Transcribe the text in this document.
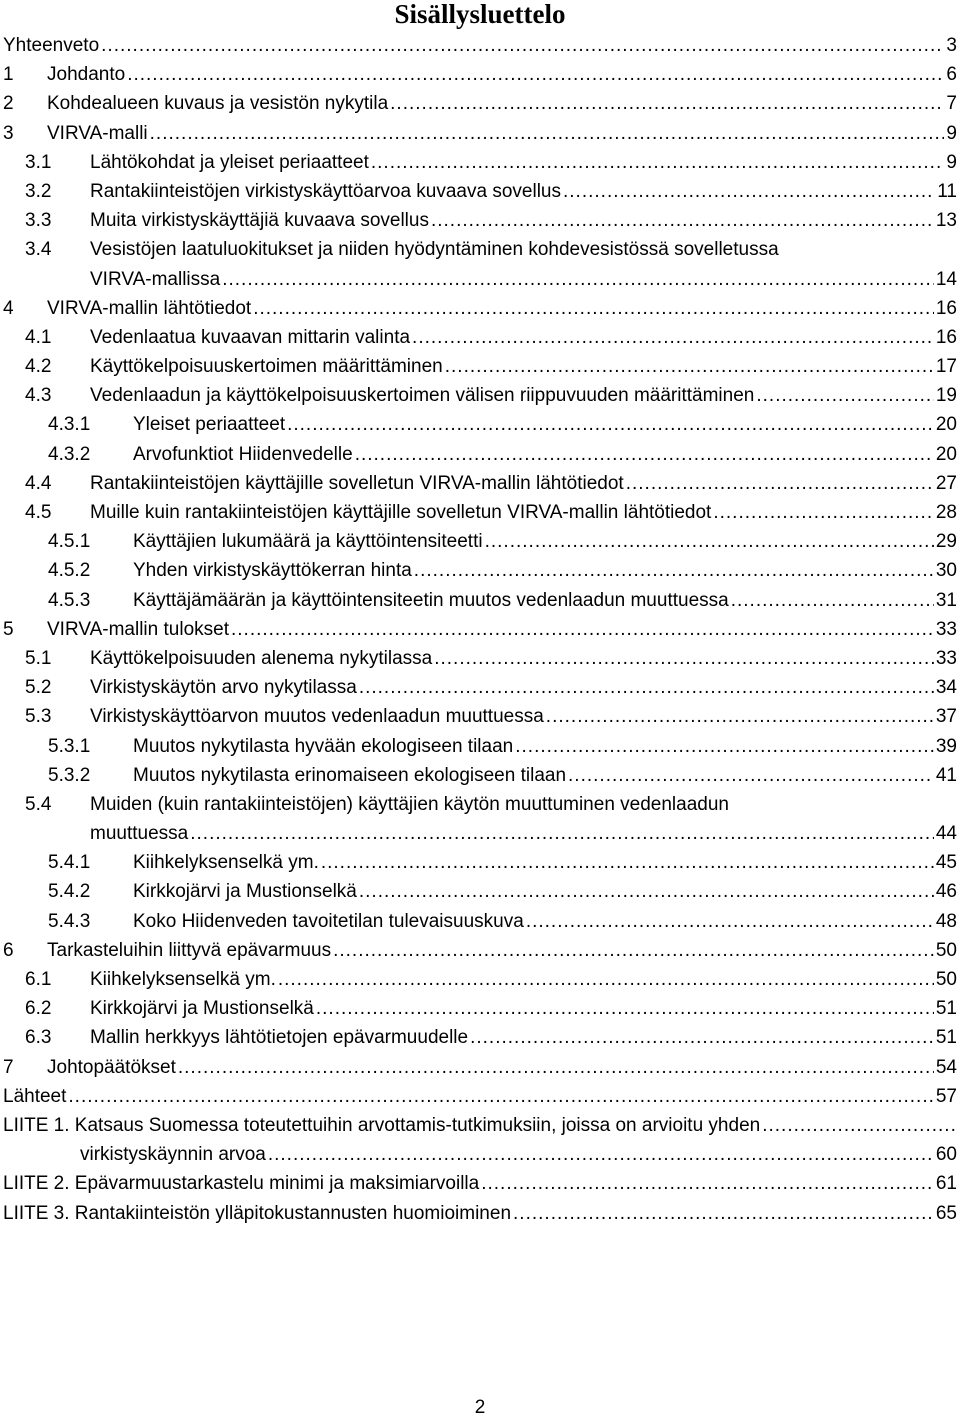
Sisällysluettelo
Yhteenveto .....	3
1 Johdanto .....	6
2 Kohdealueen kuvaus ja vesistön nykytila .....	7
3 VIRVA-malli .....	9
3.1 Lähtökohdat ja yleiset periaatteet .....	9
3.2 Rantakiinteistöjen virkistyskäyttöarvoa kuvaava sovellus .....	11
3.3 Muita virkistyskäyttäjiä kuvaava sovellus .....	13
3.4 Vesistöjen laatuluokitukset ja niiden hyödyntäminen kohdevesistössä sovelletussa
VIRVA-mallissa .....	14
4 VIRVA-mallin lähtötiedot .....	16
4.1 Vedenlaatua kuvaavan mittarin valinta .....	16
4.2 Käyttökelpoisuuskertoimen määrittäminen .....	17
4.3 Vedenlaadun ja käyttökelpoisuuskertoimen välisen riippuvuuden määrittäminen .....	19
4.3.1 Yleiset periaatteet .....	20
4.3.2 Arvofunktiot Hiidenvedelle .....	20
4.4 Rantakiinteistöjen käyttäjille sovelletun VIRVA-mallin lähtötiedot .....	27
4.5 Muille kuin rantakiinteistöjen käyttäjille sovelletun VIRVA-mallin lähtötiedot .....	28
4.5.1 Käyttäjien lukumäärä ja käyttöintensiteetti .....	29
4.5.2 Yhden virkistyskäyttökerran hinta .....	30
4.5.3 Käyttäjämäärän ja käyttöintensiteetin muutos vedenlaadun muuttuessa .....	31
5 VIRVA-mallin tulokset .....	33
5.1 Käyttökelpoisuuden alenema nykytilassa .....	33
5.2 Virkistyskäytön arvo nykytilassa .....	34
5.3 Virkistyskäyttöarvon muutos vedenlaadun muuttuessa .....	37
5.3.1 Muutos nykytilasta hyvään ekologiseen tilaan .....	39
5.3.2 Muutos nykytilasta erinomaiseen ekologiseen tilaan .....	41
5.4 Muiden (kuin rantakiinteistöjen) käyttäjien käytön muuttuminen vedenlaadun
muuttuessa .....	44
5.4.1 Kiihkelyksenselkä ym. .....	45
5.4.2 Kirkkojärvi ja Mustionselkä .....	46
5.4.3 Koko Hiidenveden tavoitetilan tulevaisuuskuva .....	48
6 Tarkasteluihin liittyvä epävarmuus .....	50
6.1 Kiihkelyksenselkä ym. .....	50
6.2 Kirkkojärvi ja Mustionselkä .....	51
6.3 Mallin herkkyys lähtötietojen epävarmuudelle .....	51
7 Johtopäätökset .....	54
Lähteet .....	57
LIITE 1. Katsaus Suomessa toteutettuihin arvottamis-tutkimuksiin, joissa on arvioitu yhden
.....
virkistyskäynnin arvoa .....	60
LIITE 2. Epävarmuustarkastelu minimi ja maksimiarvoilla .....	61
LIITE 3. Rantakiinteistön ylläpitokustannusten huomioiminen .....	65
2
